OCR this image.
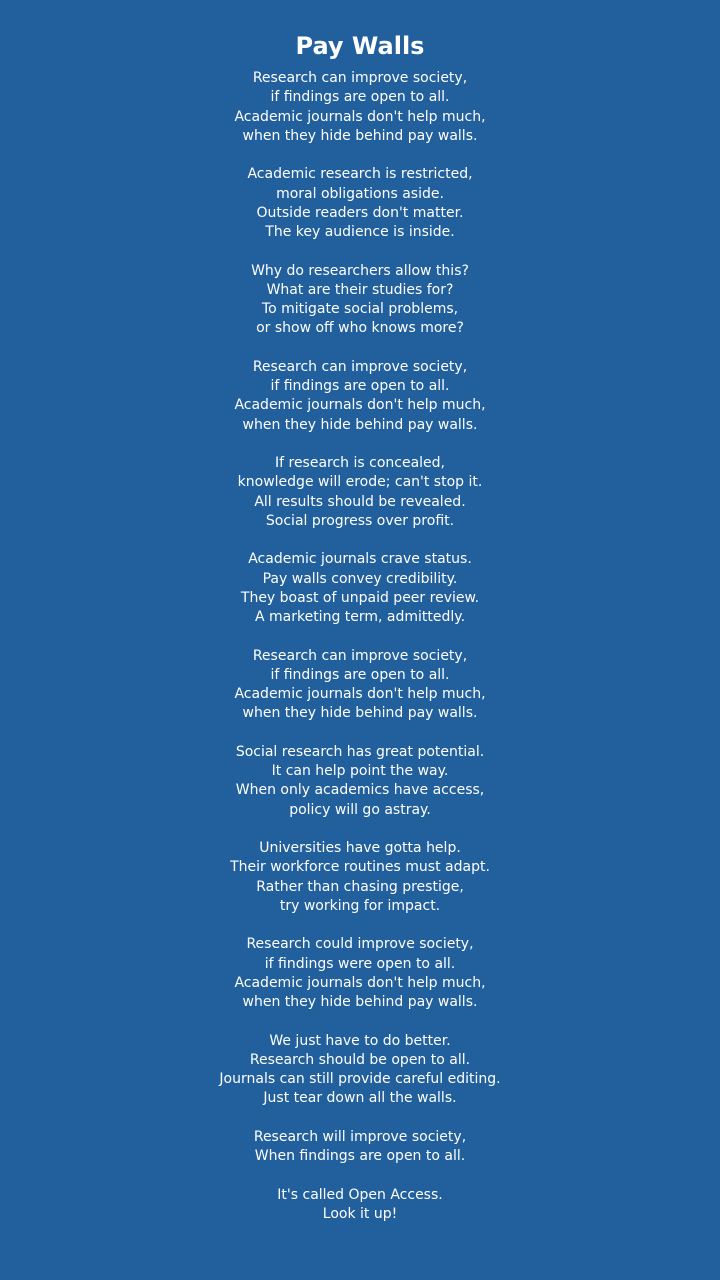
Pay Walls
Research can improve society,
if findings are open to all.
Academic journals don't help much,
when they hide behind pay walls.
Academic research is restricted,
moral obligations aside.
Outside readers don't matter.
The key audience is inside.
Why do researchers allow this?
What are their studies for?
To mitigate social problems,
or show off who knows more?
Research can improve society,
if findings are open to all.
Academic journals don't help much,
when they hide behind pay walls.
If research is concealed,
knowledge will erode; can't stop it.
All results should be revealed.
Social progress over profit.
Academic journals crave status.
Pay walls convey credibility.
They boast of unpaid peer review.
A marketing term, admittedly.
Research can improve society,
if findings are open to all.
Academic journals don't help much,
when they hide behind pay walls.
Social research has great potential.
It can help point the way.
When only academics have access,
policy will go astray.
Universities have gotta help.
Their workforce routines must adapt.
Rather than chasing prestige,
try working for impact.
Research could improve society,
if findings were open to all.
Academic journals don't help much,
when they hide behind pay walls.
We just have to do better.
Research should be open to all.
Journals can still provide careful editing.
Just tear down all the walls.
Research will improve society,
When findings are open to all.
It's called Open Access.
Look it up!
